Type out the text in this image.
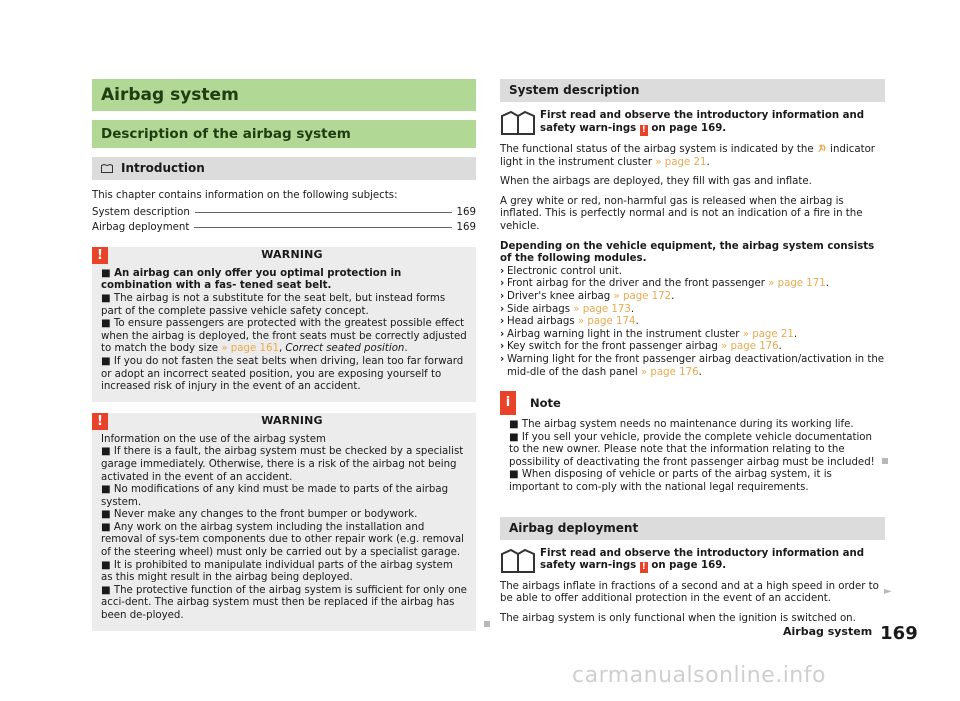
Airbag system
Description of the airbag system
Introduction

This chapter contains information on the following subjects:

System description	169
Airbag deployment	169
!	WARNING

■ An airbag can only offer you optimal protection in combination with a fas- tened seat belt.

■ The airbag is not a substitute for the seat belt, but instead forms part of the complete passive vehicle safety concept.

■ To ensure passengers are protected with the greatest possible effect when the airbag is deployed, the front seats must be correctly adjusted to match the body size » page 161, Correct seated position.

■ If you do not fasten the seat belts when driving, lean too far forward or adopt an incorrect seated position, you are exposing yourself to increased risk of injury in the event of an accident.

!	WARNING

Information on the use of the airbag system

■ If there is a fault, the airbag system must be checked by a specialist garage immediately. Otherwise, there is a risk of the airbag not being activated in the event of an accident.

■ No modifications of any kind must be made to parts of the airbag system.

■ Never make any changes to the front bumper or bodywork.

■ Any work on the airbag system including the installation and removal of sys-tem components due to other repair work (e.g. removal of the steering wheel) must only be carried out by a specialist garage.

■ It is prohibited to manipulate individual parts of the airbag system as this might result in the airbag being deployed.

■ The protective function of the airbag system is sufficient for only one acci-dent. The airbag system must then be replaced if the airbag has been de-ployed.

System description

First read and observe the introductory information and safety warn-ings ! on page 169.

The functional status of the airbag system is indicated by the indicator light in the instrument cluster » page 21.

When the airbags are deployed, they fill with gas and inflate.

A grey white or red, non-harmful gas is released when the airbag is inflated. This is perfectly normal and is not an indication of a fire in the vehicle.

Depending on the vehicle equipment, the airbag system consists of the following modules.

› Electronic control unit.
› Front airbag for the driver and the front passenger » page 171.
› Driver's knee airbag » page 172.
› Side airbags » page 173.
› Head airbags » page 174.
› Airbag warning light in the instrument cluster » page 21.
› Key switch for the front passenger airbag » page 176.
› Warning light for the front passenger airbag deactivation/activation in the mid-dle of the dash panel » page 176.
i	Note

■ The airbag system needs no maintenance during its working life.

■ If you sell your vehicle, provide the complete vehicle documentation to the new owner. Please note that the information relating to the possibility of deactivating the front passenger airbag must be included!

■ When disposing of vehicle or parts of the airbag system, it is important to com-ply with the national legal requirements.

Airbag deployment

First read and observe the introductory information and safety warn-ings ! on page 169.

The airbags inflate in fractions of a second and at a high speed in order to be able to offer additional protection in the event of an accident.

The airbag system is only functional when the ignition is switched on.

►
Airbag system 169
carmanualsonline.info
